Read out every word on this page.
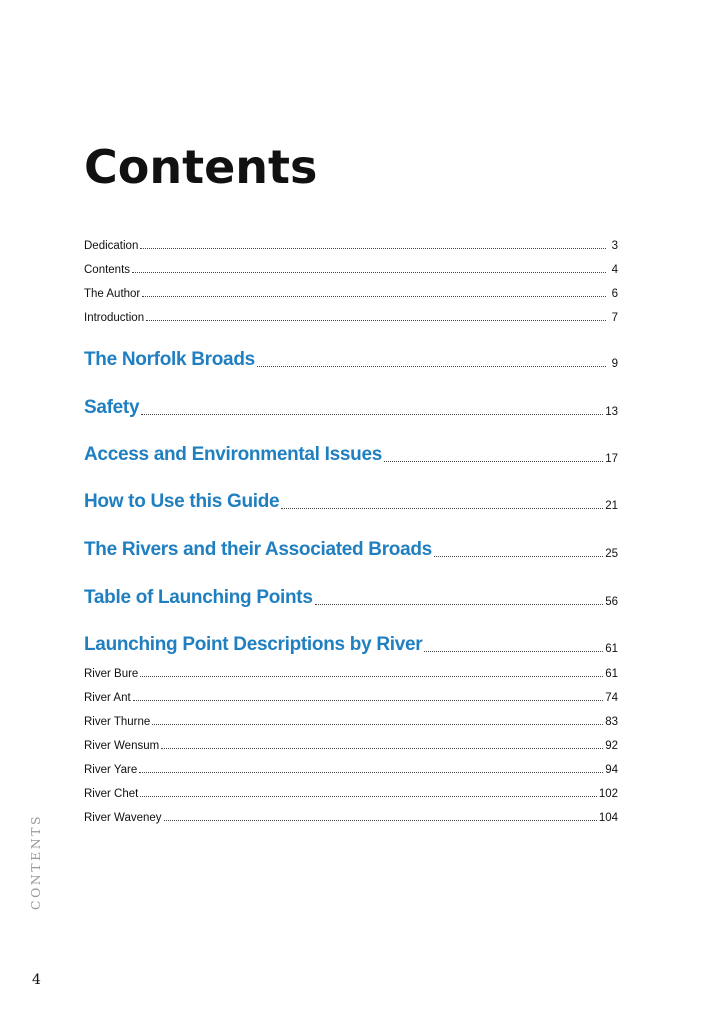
Contents
Dedication	3
Contents	4
The Author	6
Introduction	7
The Norfolk Broads	9
Safety	13
Access and Environmental Issues	17
How to Use this Guide	21
The Rivers and their Associated Broads	25
Table of Launching Points	56
Launching Point Descriptions by River	61
River Bure	61
River Ant	74
River Thurne	83
River Wensum	92
River Yare	94
River Chet	102
River Waveney	104
CONTENTS
4
